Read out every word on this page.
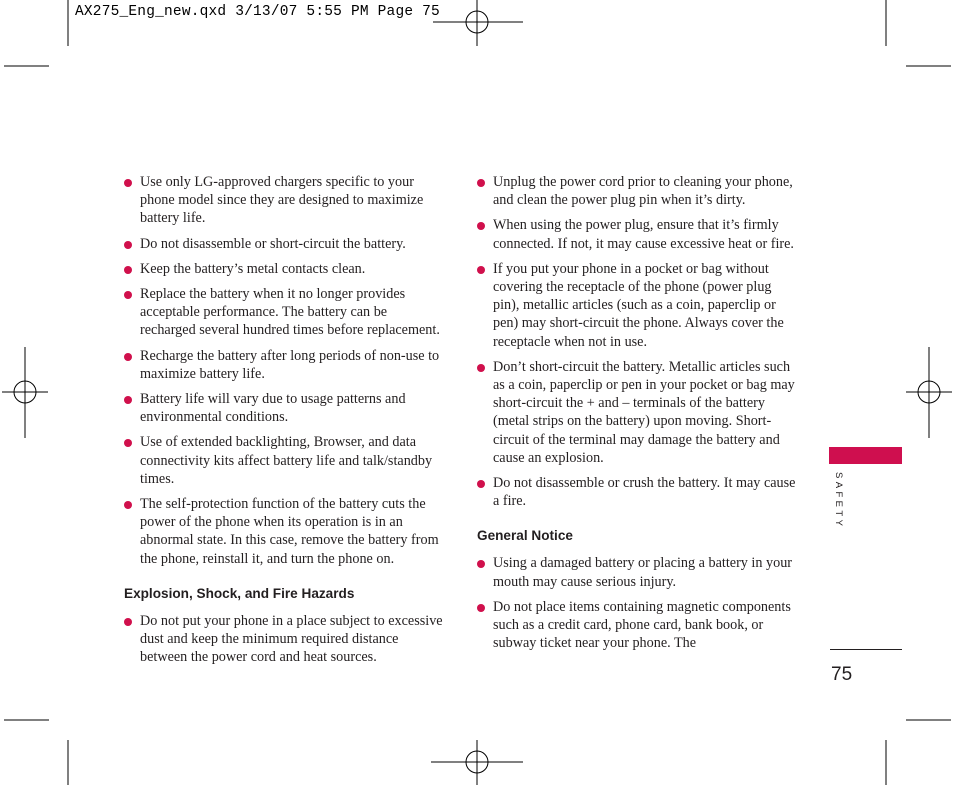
AX275_Eng_new.qxd 3/13/07 5:55 PM Page 75
Use only LG-approved chargers specific to your phone model since they are designed to maximize battery life.
Do not disassemble or short-circuit the battery.
Keep the battery’s metal contacts clean.
Replace the battery when it no longer provides acceptable performance. The battery can be recharged several hundred times before replacement.
Recharge the battery after long periods of non-use to maximize battery life.
Battery life will vary due to usage patterns and environmental conditions.
Use of extended backlighting, Browser, and data connectivity kits affect battery life and talk/standby times.
The self-protection function of the battery cuts the power of the phone when its operation is in an abnormal state. In this case, remove the battery from the phone, reinstall it, and turn the phone on.
Explosion, Shock, and Fire Hazards
Do not put your phone in a place subject to excessive dust and keep the minimum required distance between the power cord and heat sources.
Unplug the power cord prior to cleaning your phone, and clean the power plug pin when it’s dirty.
When using the power plug, ensure that it’s firmly connected. If not, it may cause excessive heat or fire.
If you put your phone in a pocket or bag without covering the receptacle of the phone (power plug pin), metallic articles (such as a coin, paperclip or pen) may short-circuit the phone. Always cover the receptacle when not in use.
Don’t short-circuit the battery. Metallic articles such as a coin, paperclip or pen in your pocket or bag may short-circuit the + and – terminals of the battery (metal strips on the battery) upon moving. Short-circuit of the terminal may damage the battery and cause an explosion.
Do not disassemble or crush the battery. It may cause a fire.
General Notice
Using a damaged battery or placing a battery in your mouth may cause serious injury.
Do not place items containing magnetic components such as a credit card, phone card, bank book, or subway ticket near your phone. The
SAFETY
75
